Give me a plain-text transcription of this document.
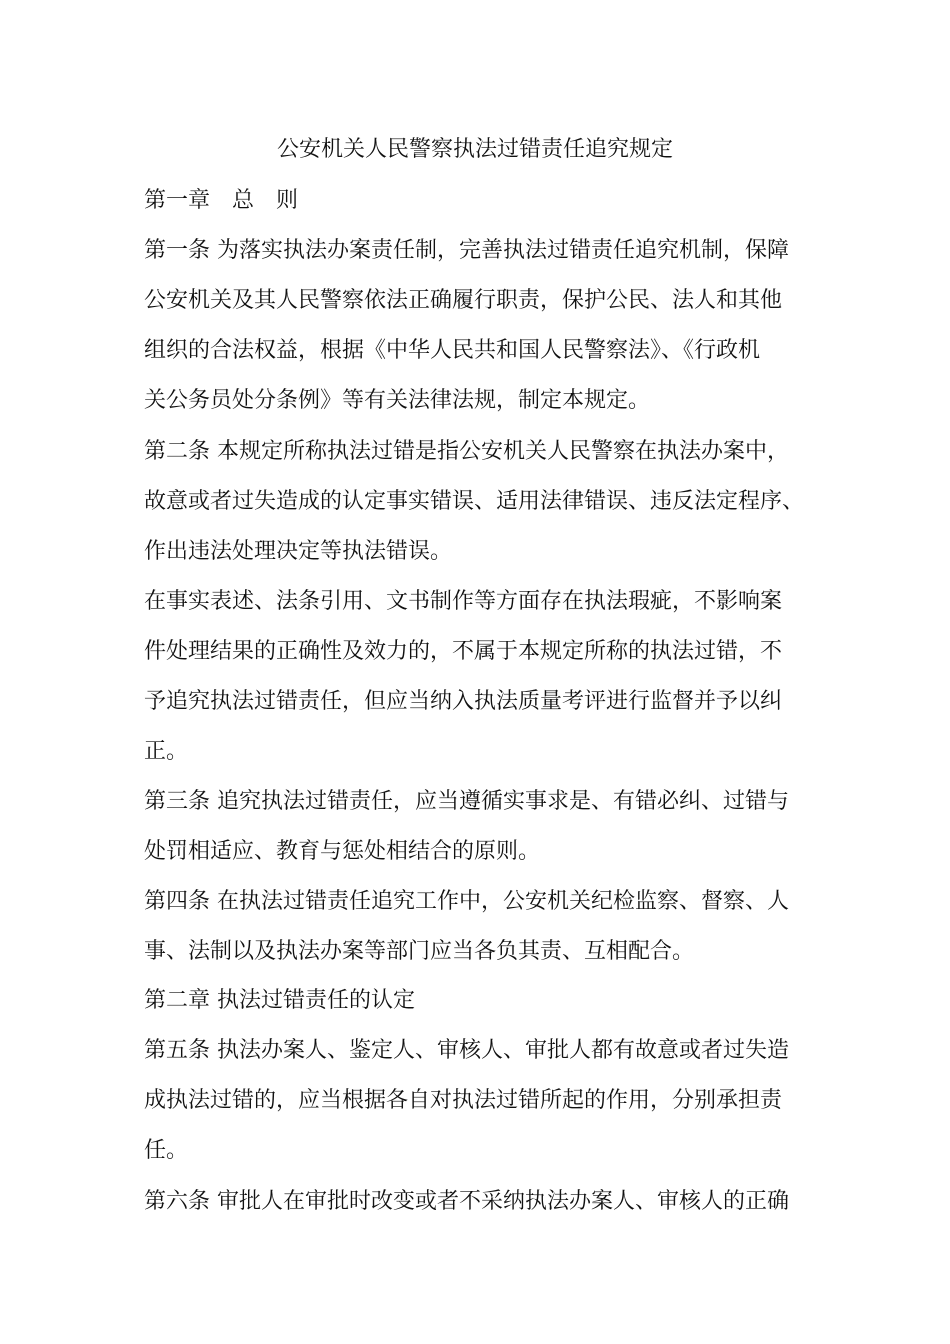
公安机关人民警察执法过错责任追究规定
第一章　总　则
第一条 为落实执法办案责任制，完善执法过错责任追究机制，保障
公安机关及其人民警察依法正确履行职责，保护公民、法人和其他
组织的合法权益，根据《中华人民共和国人民警察法》、《行政机
关公务员处分条例》等有关法律法规，制定本规定。
第二条 本规定所称执法过错是指公安机关人民警察在执法办案中，
故意或者过失造成的认定事实错误、适用法律错误、违反法定程序、
作出违法处理决定等执法错误。
在事实表述、法条引用、文书制作等方面存在执法瑕疵，不影响案
件处理结果的正确性及效力的，不属于本规定所称的执法过错，不
予追究执法过错责任，但应当纳入执法质量考评进行监督并予以纠
正。
第三条 追究执法过错责任，应当遵循实事求是、有错必纠、过错与
处罚相适应、教育与惩处相结合的原则。
第四条 在执法过错责任追究工作中，公安机关纪检监察、督察、人
事、法制以及执法办案等部门应当各负其责、互相配合。
第二章 执法过错责任的认定
第五条 执法办案人、鉴定人、审核人、审批人都有故意或者过失造
成执法过错的，应当根据各自对执法过错所起的作用，分别承担责
任。
第六条 审批人在审批时改变或者不采纳执法办案人、审核人的正确
